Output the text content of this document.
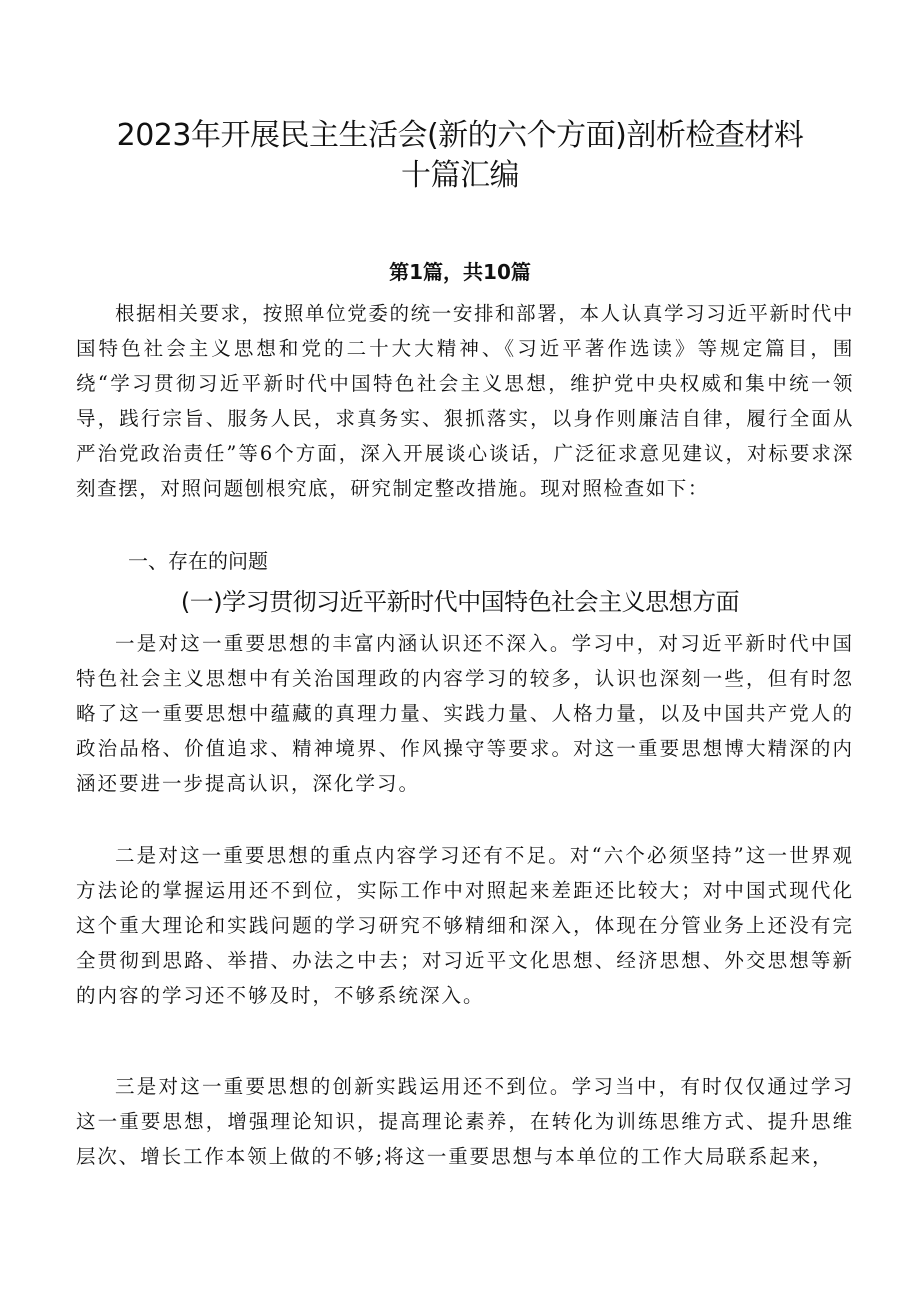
2023年开展民主生活会(新的六个方面)剖析检查材料
十篇汇编
第1篇，共10篇

根据相关要求，按照单位党委的统一安排和部署，本人认真学习习近平新时代中国特色社会主义思想和党的二十大大精神、《习近平著作选读》等规定篇目，围绕“学习贯彻习近平新时代中国特色社会主义思想，维护党中央权威和集中统一领导，践行宗旨、服务人民，求真务实、狠抓落实，以身作则廉洁自律，履行全面从严治党政治责任”等6个方面，深入开展谈心谈话，广泛征求意见建议，对标要求深刻查摆，对照问题刨根究底，研究制定整改措施。现对照检查如下：

一、存在的问题
(一)学习贯彻习近平新时代中国特色社会主义思想方面

一是对这一重要思想的丰富内涵认识还不深入。学习中，对习近平新时代中国特色社会主义思想中有关治国理政的内容学习的较多，认识也深刻一些，但有时忽略了这一重要思想中蕴藏的真理力量、实践力量、人格力量，以及中国共产党人的政治品格、价值追求、精神境界、作风操守等要求。对这一重要思想博大精深的内涵还要进一步提高认识，深化学习。

二是对这一重要思想的重点内容学习还有不足。对“六个必须坚持”这一世界观方法论的掌握运用还不到位，实际工作中对照起来差距还比较大；对中国式现代化这个重大理论和实践问题的学习研究不够精细和深入，体现在分管业务上还没有完全贯彻到思路、举措、办法之中去；对习近平文化思想、经济思想、外交思想等新的内容的学习还不够及时，不够系统深入。

三是对这一重要思想的创新实践运用还不到位。学习当中，有时仅仅通过学习这一重要思想，增强理论知识，提高理论素养，在转化为训练思维方式、提升思维层次、增长工作本领上做的不够;将这一重要思想与本单位的工作大局联系起来，
